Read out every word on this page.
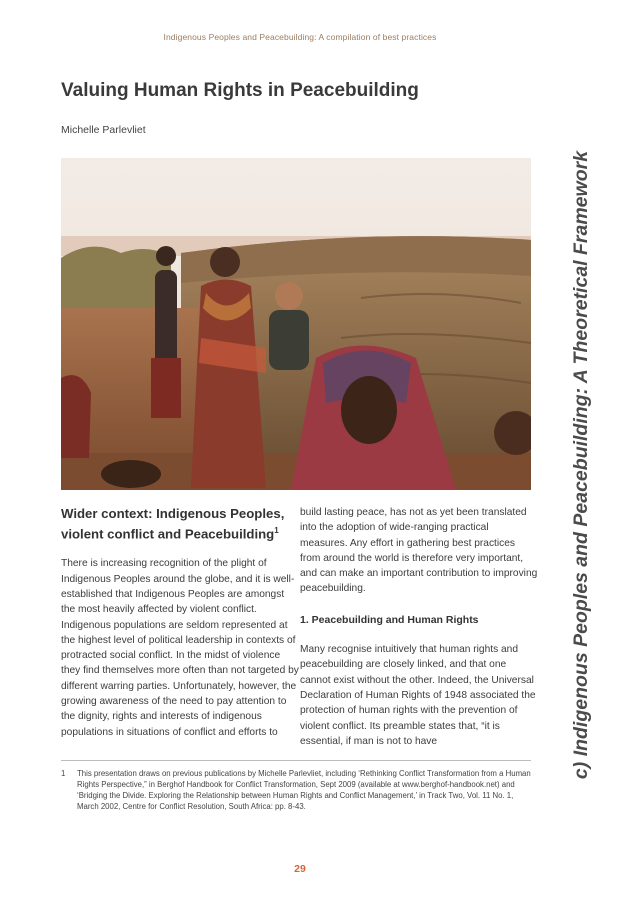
Indigenous Peoples and Peacebuilding: A compilation of best practices
Valuing Human Rights in Peacebuilding
Michelle Parlevliet
c) Indigenous Peoples and Peacebuilding: A Theoretical Framework
Wider context: Indigenous Peoples, violent conflict and Peacebuilding$^1$

There is increasing recognition of the plight of Indigenous Peoples around the globe, and it is well-established that Indigenous Peoples are amongst the most heavily affected by violent conflict. Indigenous populations are seldom represented at the highest level of political leadership in contexts of protracted social conflict. In the midst of violence they find themselves more often than not targeted by different warring parties. Unfortunately, however, the growing awareness of the need to pay attention to the dignity, rights and interests of indigenous populations in situations of conflict and efforts to

build lasting peace, has not as yet been translated into the adoption of wide-ranging practical measures. Any effort in gathering best practices from around the world is therefore very important, and can make an important contribution to improving peacebuilding.

1. Peacebuilding and Human Rights

Many recognise intuitively that human rights and peacebuilding are closely linked, and that one cannot exist without the other. Indeed, the Universal Declaration of Human Rights of 1948 associated the protection of human rights with the prevention of violent conflict. Its preamble states that, “it is essential, if man is not to have

1	This presentation draws on previous publications by Michelle Parlevliet, including ‘Rethinking Conflict Transformation from a Human Rights Perspective,” in Berghof Handbook for Conflict Transformation, Sept 2009 (available at www.berghof-handbook.net) and ‘Bridging the Divide. Exploring the Relationship between Human Rights and Conflict Management,’ in Track Two, Vol. 11 No. 1, March 2002, Centre for Conflict Resolution, South Africa: pp. 8-43.
29
